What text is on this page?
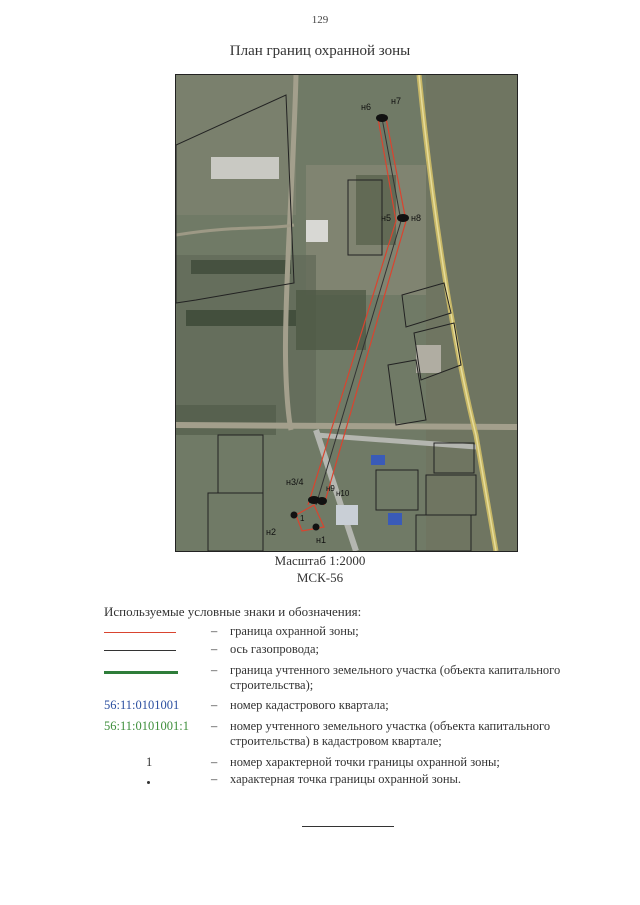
129
План границ охранной зоны
н6
н7
н5 н8
н3/4
н9
н10
н1
н2
1
Масштаб 1:2000
МСК-56
Используемые условные знаки и обозначения:
– граница охранной зоны;
– ось газопровода;
– граница учтенного земельного участка (объекта капитального строительства);
56:11:0101001	– номер кадастрового квартала;
56:11:0101001:1 – номер учтенного земельного участка (объекта капитального строительства) в кадастровом квартале;
1	– номер характерной точки границы охранной зоны;
– характерная точка границы охранной зоны.
